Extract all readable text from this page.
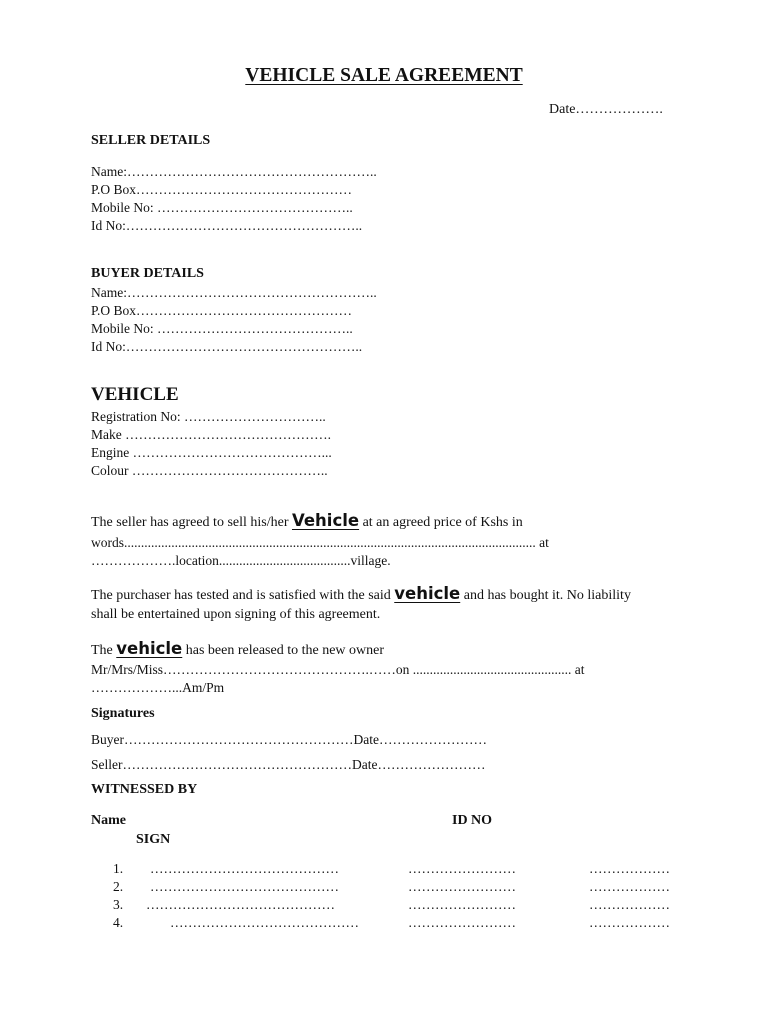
VEHICLE SALE AGREEMENT
Date……………….
SELLER DETAILS
Name:………………………………………………..
P.O Box…………………………………………
Mobile No: ……………………………………..
Id No:……………………………………………..
BUYER DETAILS
Name:………………………………………………..
P.O Box…………………………………………
Mobile No: ……………………………………..
Id No:……………………………………………..
VEHICLE
Registration No: …………………………..
Make ……………………………………….
Engine ……………………………………...
Colour ……………………………………..
The seller has agreed to sell his/her Vehicle at an agreed price of Kshs in
words.......................................................................................................................... at
……………….location.......................................village.
The purchaser has tested and is satisfied with the said vehicle and has bought it. No liability
shall be entertained upon signing of this agreement.
The vehicle has been released to the new owner
Mr/Mrs/Miss……………………………………….……on ............................................... at
………………...Am/Pm
Signatures
Buyer……………………………………………Date……………………
Seller……………………………………………Date……………………
WITNESSED BY
Name	ID NO
SIGN
1. ……………………………………	……………………	………………
2. ……………………………………	……………………	………………
3. ……………………………………	……………………	………………
4.	……………………………………	……………………	………………
